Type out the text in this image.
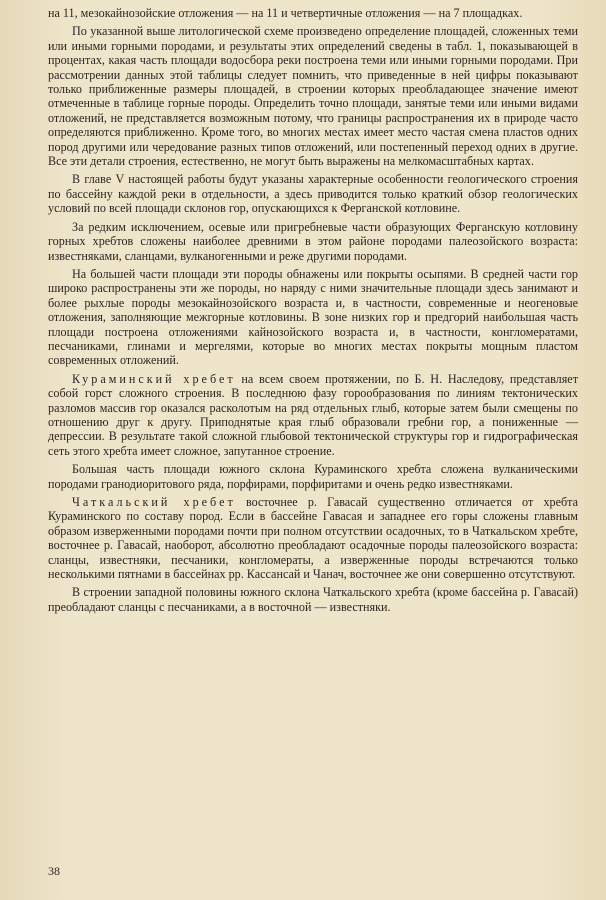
на 11, мезокайнозойские отложения — на 11 и четвертичные отложения — на 7 площадках.

По указанной выше литологической схеме произведено определение площадей, сложенных теми или иными горными породами, и результаты этих определений сведены в табл. 1, показывающей в процентах, какая часть площади водосбора реки построена теми или иными горными породами. При рассмотрении данных этой таблицы следует помнить, что приведенные в ней цифры показывают только приближенные размеры площадей, в строении которых преобладающее значение имеют отмеченные в таблице горные породы. Определить точно площади, занятые теми или иными видами отложений, не представляется возможным потому, что границы распространения их в природе часто определяются приближенно. Кроме того, во многих местах имеет место частая смена пластов одних пород другими или чередование разных типов отложений, или постепенный переход одних в другие. Все эти детали строения, естественно, не могут быть выражены на мелкомасштабных картах.

В главе V настоящей работы будут указаны характерные особенности геологического строения по бассейну каждой реки в отдельности, а здесь приводится только краткий обзор геологических условий по всей площади склонов гор, опускающихся к Ферганской котловине.

За редким исключением, осевые или пригребневые части образующих Ферганскую котловину горных хребтов сложены наиболее древними в этом районе породами палеозойского возраста: известняками, сланцами, вулканогенными и реже другими породами.

На большей части площади эти породы обнажены или покрыты осыпями. В средней части гор широко распространены эти же породы, но наряду с ними значительные площади здесь занимают и более рыхлые породы мезокайнозойского возраста и, в частности, современные и неогеновые отложения, заполняющие межгорные котловины. В зоне низких гор и предгорий наибольшая часть площади построена отложениями кайнозойского возраста и, в частности, конгломератами, песчаниками, глинами и мергелями, которые во многих местах покрыты мощным пластом современных отложений.

Кураминский хребет на всем своем протяжении, по Б. Н. Наследову, представляет собой горст сложного строения. В последнюю фазу горообразования по линиям тектонических разломов массив гор оказался расколотым на ряд отдельных глыб, которые затем были смещены по отношению друг к другу. Приподнятые края глыб образовали гребни гор, а пониженные — депрессии. В результате такой сложной глыбовой тектонической структуры гор и гидрографическая сеть этого хребта имеет сложное, запутанное строение.

Большая часть площади южного склона Кураминского хребта сложена вулканическими породами гранодиоритового ряда, порфирами, порфиритами и очень редко известняками.

Чаткальский хребет восточнее р. Гавасай существенно отличается от хребта Кураминского по составу пород. Если в бассейне Гавасая и западнее его горы сложены главным образом изверженными породами почти при полном отсутствии осадочных, то в Чаткальском хребте, восточнее р. Гавасай, наоборот, абсолютно преобладают осадочные породы палеозойского возраста: сланцы, известняки, песчаники, конгломераты, а изверженные породы встречаются только несколькими пятнами в бассейнах рр. Кассансай и Чанач, восточнее же они совершенно отсутствуют.

В строении западной половины южного склона Чаткальского хребта (кроме бассейна р. Гавасай) преобладают сланцы с песчаниками, а в восточной — известняки.

38
